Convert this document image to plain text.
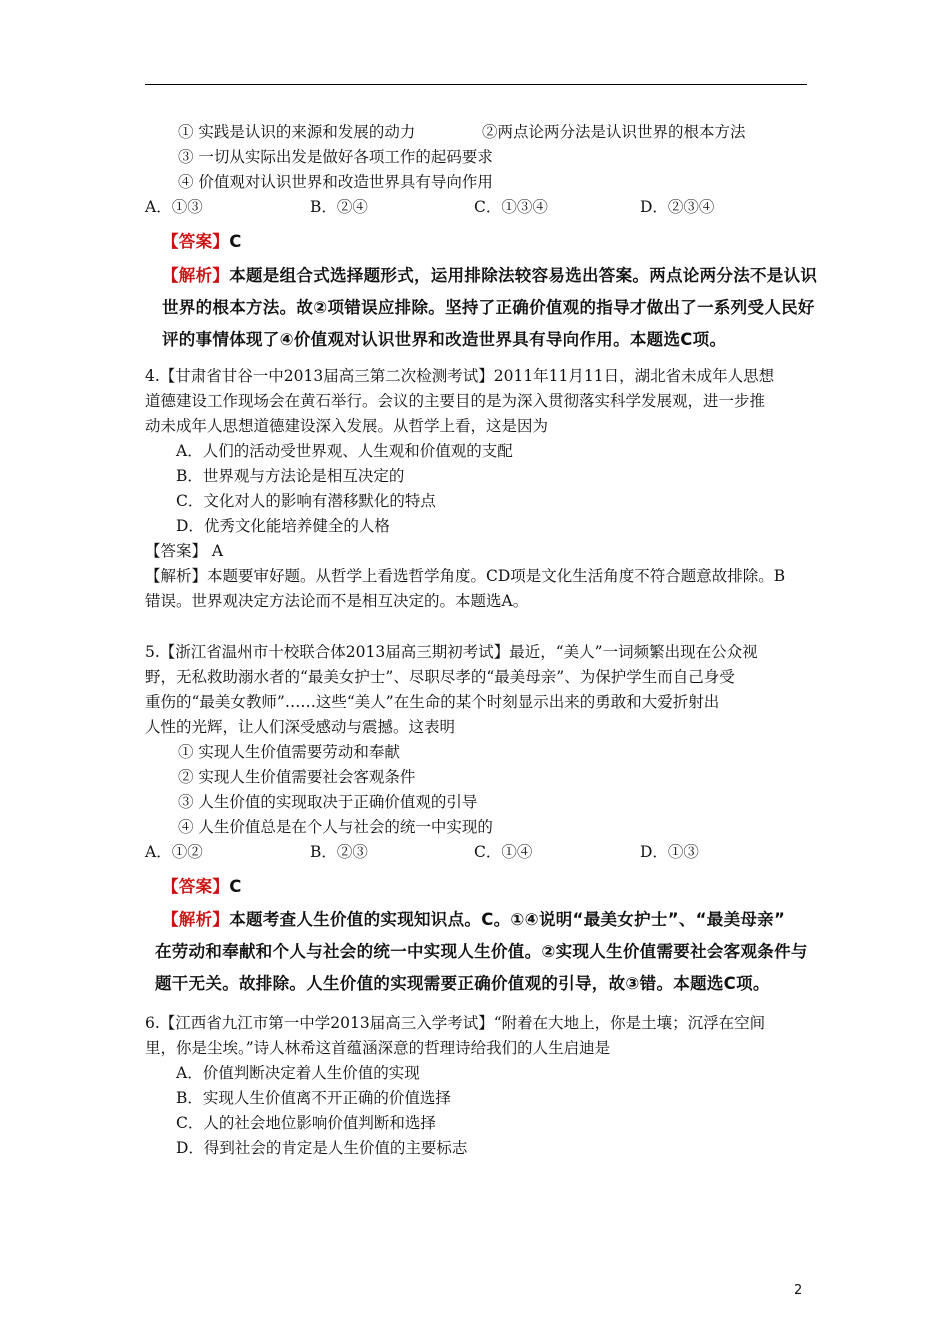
① 实践是认识的来源和发展的动力	②两点论两分法是认识世界的根本方法
③ 一切从实际出发是做好各项工作的起码要求
④ 价值观对认识世界和改造世界具有导向作用
A．①③	B．②④	C．①③④	D．②③④
【答案】C
【解析】本题是组合式选择题形式，运用排除法较容易选出答案。两点论两分法不是认识
世界的根本方法。故②项错误应排除。坚持了正确价值观的指导才做出了一系列受人民好
评的事情体现了④价值观对认识世界和改造世界具有导向作用。本题选C项。
4.【甘肃省甘谷一中2013届高三第二次检测考试】2011年11月11日，湖北省未成年人思想
道德建设工作现场会在黄石举行。会议的主要目的是为深入贯彻落实科学发展观，进一步推
动未成年人思想道德建设深入发展。从哲学上看，这是因为
A．人们的活动受世界观、人生观和价值观的支配
B．世界观与方法论是相互决定的
C．文化对人的影响有潜移默化的特点
D．优秀文化能培养健全的人格
【答案】 A
【解析】本题要审好题。从哲学上看选哲学角度。CD项是文化生活角度不符合题意故排除。B
错误。世界观决定方法论而不是相互决定的。本题选A。
5.【浙江省温州市十校联合体2013届高三期初考试】最近，“美人”一词频繁出现在公众视
野，无私救助溺水者的“最美女护士”、尽职尽孝的“最美母亲”、为保护学生而自己身受
重伤的“最美女教师”……这些“美人”在生命的某个时刻显示出来的勇敢和大爱折射出
人性的光辉，让人们深受感动与震撼。这表明
① 实现人生价值需要劳动和奉献
② 实现人生价值需要社会客观条件
③ 人生价值的实现取决于正确价值观的引导
④ 人生价值总是在个人与社会的统一中实现的
A．①②	B．②③	C．①④	D．①③
【答案】C
【解析】本题考查人生价值的实现知识点。C。①④说明“最美女护士”、“最美母亲”
在劳动和奉献和个人与社会的统一中实现人生价值。②实现人生价值需要社会客观条件与
题干无关。故排除。人生价值的实现需要正确价值观的引导，故③错。本题选C项。
6.【江西省九江市第一中学2013届高三入学考试】“附着在大地上，你是土壤；沉浮在空间
里，你是尘埃。”诗人林希这首蕴涵深意的哲理诗给我们的人生启迪是
A．价值判断决定着人生价值的实现
B．实现人生价值离不开正确的价值选择
C．人的社会地位影响价值判断和选择
D．得到社会的肯定是人生价值的主要标志
2
